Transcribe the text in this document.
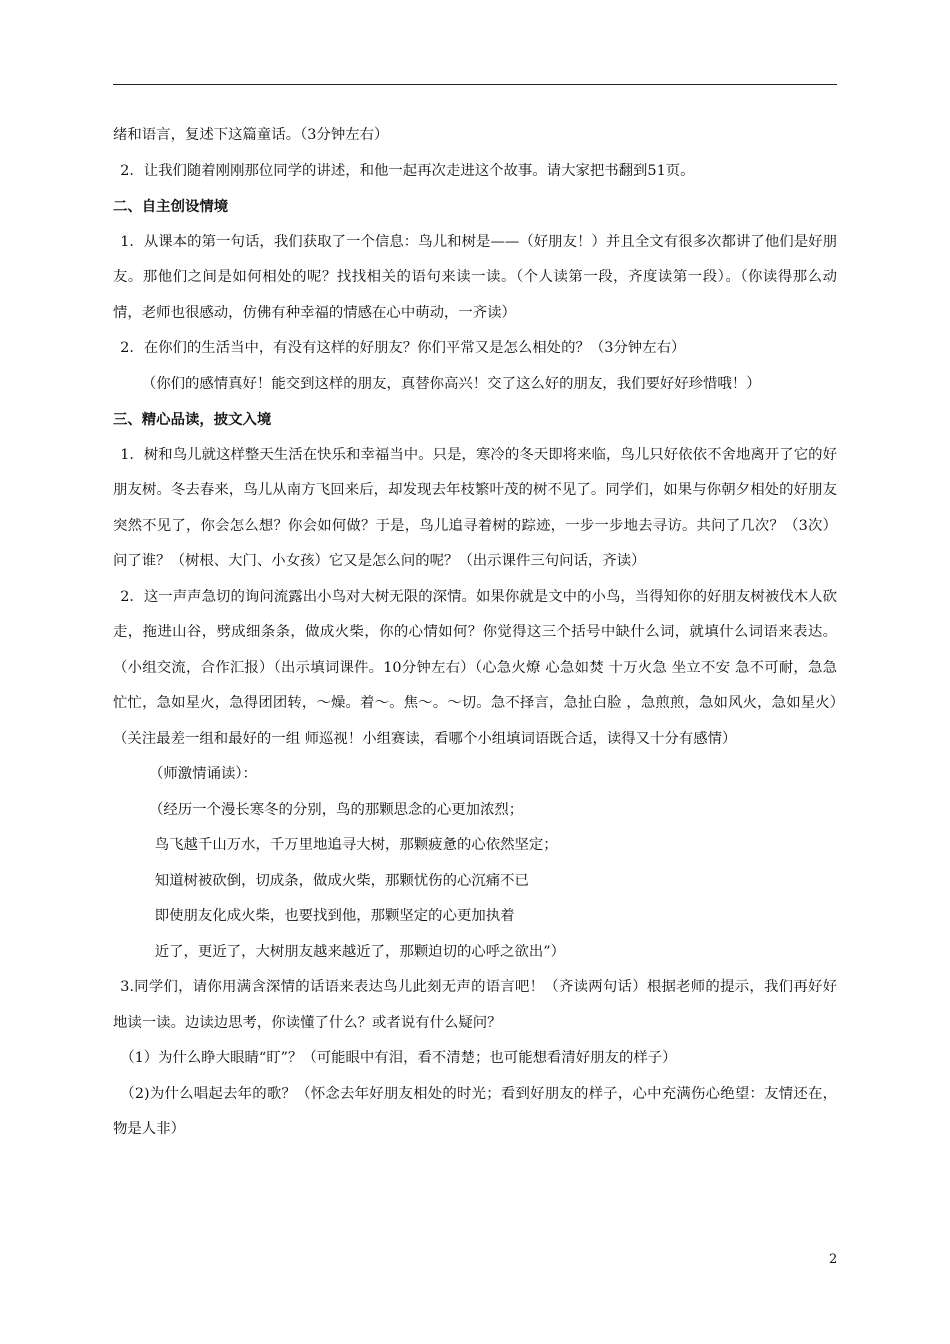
绪和语言，复述下这篇童话。（3分钟左右）

2．让我们随着刚刚那位同学的讲述，和他一起再次走进这个故事。请大家把书翻到51页。

二、自主创设情境

1．从课本的第一句话，我们获取了一个信息：鸟儿和树是——（好朋友！）并且全文有很多次都讲了他们是好朋友。那他们之间是如何相处的呢？找找相关的语句来读一读。（个人读第一段，齐度读第一段）。（你读得那么动情，老师也很感动，仿佛有种幸福的情感在心中萌动，一齐读）

2．在你们的生活当中，有没有这样的好朋友？你们平常又是怎么相处的？（3分钟左右）

（你们的感情真好！能交到这样的朋友，真替你高兴！交了这么好的朋友，我们要好好珍惜哦！）

三、精心品读，披文入境

1．树和鸟儿就这样整天生活在快乐和幸福当中。只是，寒冷的冬天即将来临，鸟儿只好依依不舍地离开了它的好朋友树。冬去春来，鸟儿从南方飞回来后，却发现去年枝繁叶茂的树不见了。同学们，如果与你朝夕相处的好朋友突然不见了，你会怎么想？你会如何做？于是，鸟儿追寻着树的踪迹，一步一步地去寻访。共问了几次？（3次）问了谁？（树根、大门、小女孩）它又是怎么问的呢？（出示课件三句问话，齐读）

2．这一声声急切的询问流露出小鸟对大树无限的深情。如果你就是文中的小鸟，当得知你的好朋友树被伐木人砍走，拖进山谷，劈成细条条，做成火柴，你的心情如何？你觉得这三个括号中缺什么词，就填什么词语来表达。（小组交流，合作汇报）（出示填词课件。10分钟左右）（心急火燎 心急如焚 十万火急 坐立不安 急不可耐，急急忙忙，急如星火，急得团团转，～燥。着～。焦～。～切。急不择言，急扯白脸 ，急煎煎，急如风火，急如星火）（关注最差一组和最好的一组 师巡视！小组赛读，看哪个小组填词语既合适，读得又十分有感情）

（师激情诵读）：

（经历一个漫长寒冬的分别，鸟的那颗思念的心更加浓烈；

鸟飞越千山万水，千万里地追寻大树，那颗疲惫的心依然坚定；

知道树被砍倒，切成条，做成火柴，那颗忧伤的心沉痛不已

即使朋友化成火柴，也要找到他，那颗坚定的心更加执着

近了，更近了，大树朋友越来越近了，那颗迫切的心呼之欲出”）

3.同学们，请你用满含深情的话语来表达鸟儿此刻无声的语言吧！（齐读两句话）根据老师的提示，我们再好好地读一读。边读边思考，你读懂了什么？或者说有什么疑问？

（1）为什么睁大眼睛“盯”？（可能眼中有泪，看不清楚；也可能想看清好朋友的样子）

（2)为什么唱起去年的歌？（怀念去年好朋友相处的时光；看到好朋友的样子，心中充满伤心绝望：友情还在，物是人非）

2
